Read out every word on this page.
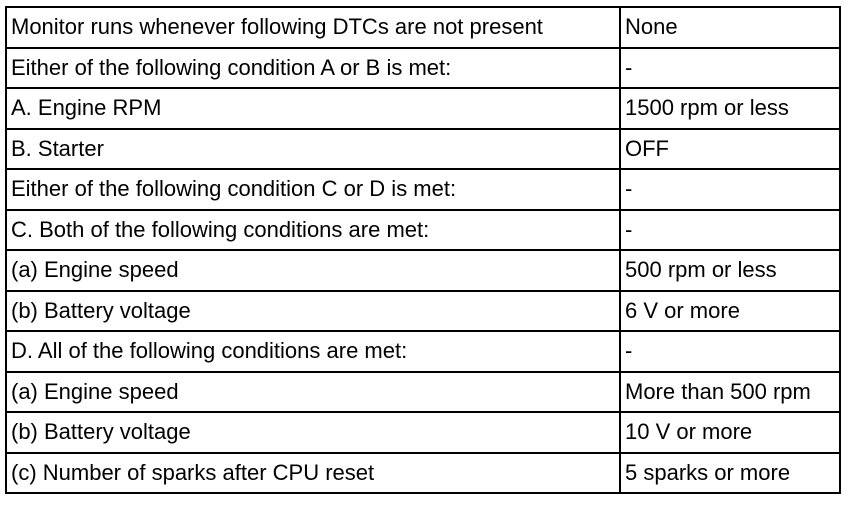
Monitor runs whenever following DTCs are not present	None
Either of the following condition A or B is met:	-
A. Engine RPM	1500 rpm or less
B. Starter	OFF
Either of the following condition C or D is met:	-
C. Both of the following conditions are met:	-
(a) Engine speed	500 rpm or less
(b) Battery voltage	6 V or more
D. All of the following conditions are met:	-
(a) Engine speed	More than 500 rpm
(b) Battery voltage	10 V or more
(c) Number of sparks after CPU reset	5 sparks or more
